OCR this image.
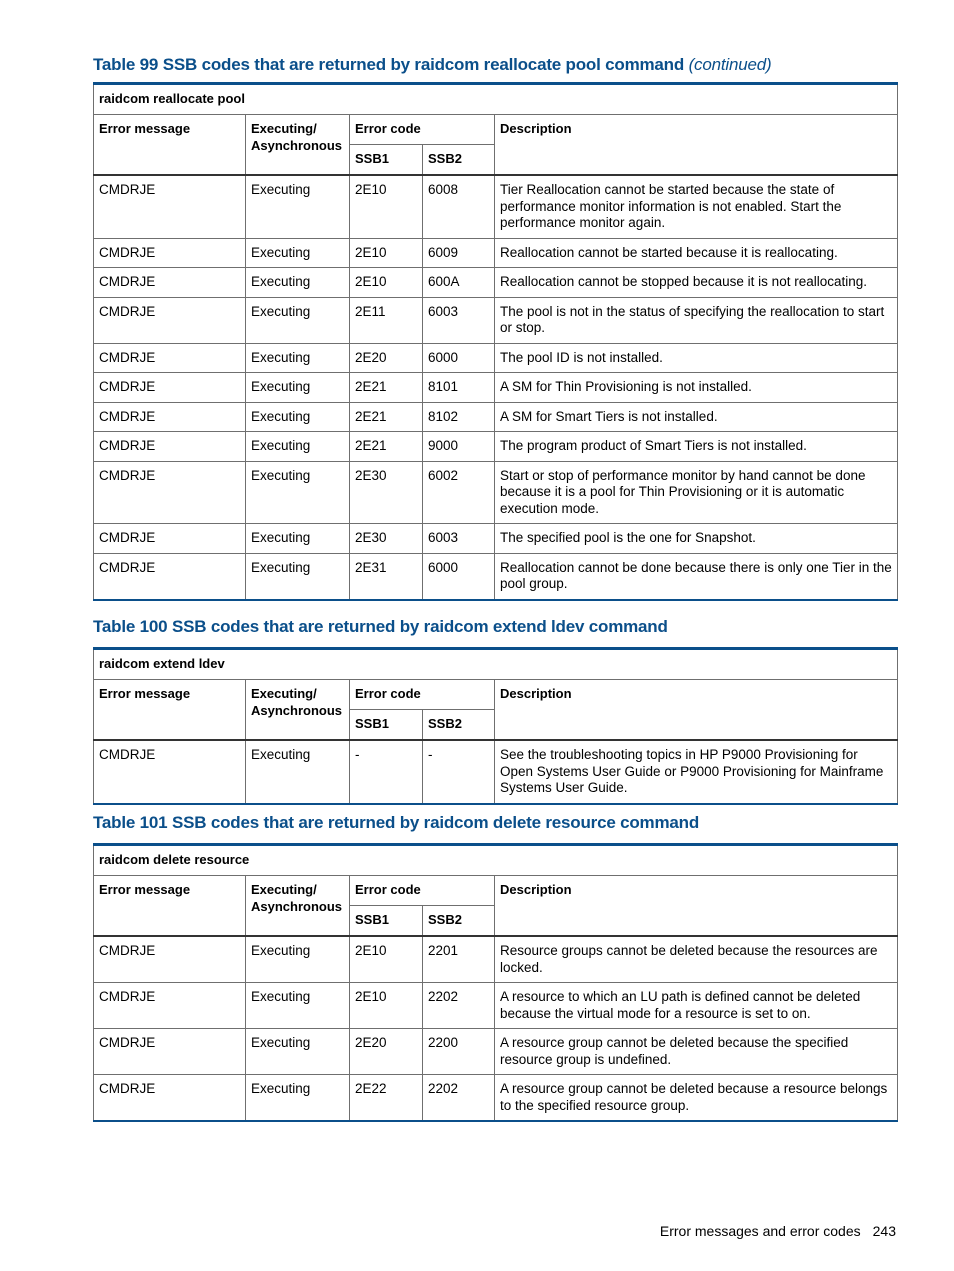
Table 99 SSB codes that are returned by raidcom reallocate pool command (continued)
raidcom reallocate pool				
Error message	Executing/ Asynchronous	Error code		Description
		SSB1	SSB2	
CMDRJE	Executing	2E10	6008	Tier Reallocation cannot be started because the state of performance monitor information is not enabled. Start the performance monitor again.
CMDRJE	Executing	2E10	6009	Reallocation cannot be started because it is reallocating.
CMDRJE	Executing	2E10	600A	Reallocation cannot be stopped because it is not reallocating.
CMDRJE	Executing	2E11	6003	The pool is not in the status of specifying the reallocation to start or stop.
CMDRJE	Executing	2E20	6000	The pool ID is not installed.
CMDRJE	Executing	2E21	8101	A SM for Thin Provisioning is not installed.
CMDRJE	Executing	2E21	8102	A SM for Smart Tiers is not installed.
CMDRJE	Executing	2E21	9000	The program product of Smart Tiers is not installed.
CMDRJE	Executing	2E30	6002	Start or stop of performance monitor by hand cannot be done because it is a pool for Thin Provisioning or it is automatic execution mode.
CMDRJE	Executing	2E30	6003	The specified pool is the one for Snapshot.
CMDRJE	Executing	2E31	6000	Reallocation cannot be done because there is only one Tier in the pool group.
Table 100 SSB codes that are returned by raidcom extend ldev command
raidcom extend ldev				
Error message	Executing/ Asynchronous	Error code		Description
		SSB1	SSB2	
CMDRJE	Executing	-	-	See the troubleshooting topics in HP P9000 Provisioning for Open Systems User Guide or P9000 Provisioning for Mainframe Systems User Guide.
Table 101 SSB codes that are returned by raidcom delete resource command
raidcom delete resource				
Error message	Executing/ Asynchronous	Error code		Description
		SSB1	SSB2	
CMDRJE	Executing	2E10	2201	Resource groups cannot be deleted because the resources are locked.
CMDRJE	Executing	2E10	2202	A resource to which an LU path is defined cannot be deleted because the virtual mode for a resource is set to on.
CMDRJE	Executing	2E20	2200	A resource group cannot be deleted because the specified resource group is undefined.
CMDRJE	Executing	2E22	2202	A resource group cannot be deleted because a resource belongs to the specified resource group.
Error messages and error codes 243
